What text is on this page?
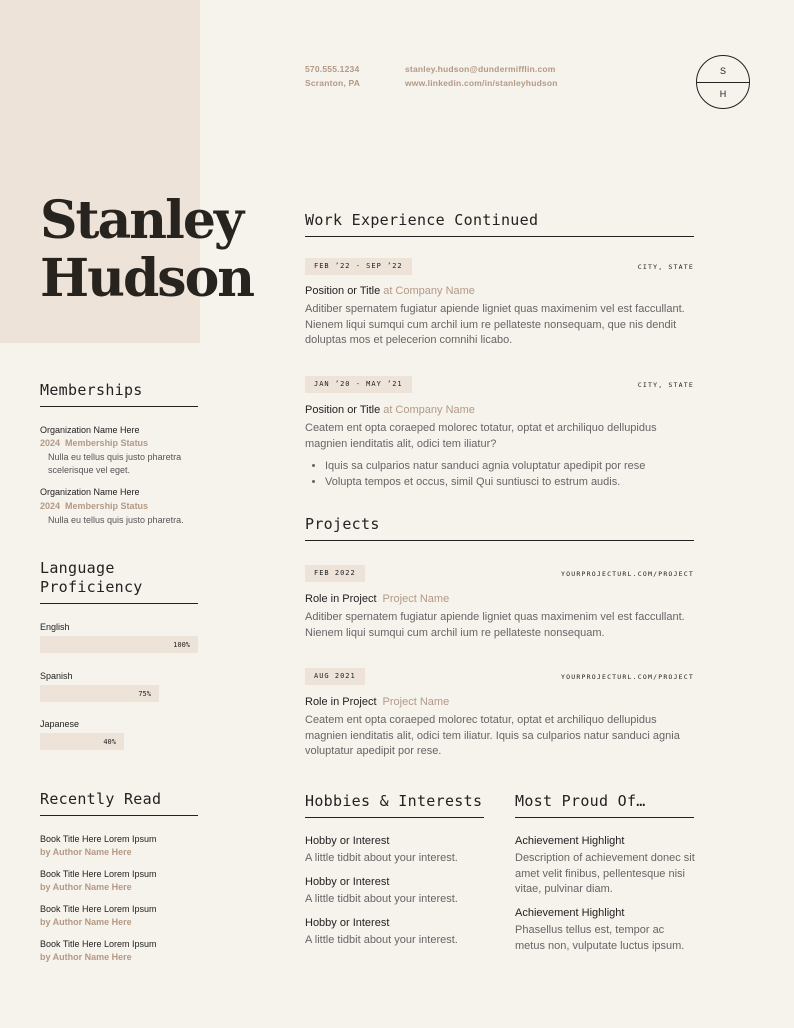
570.555.1234
Scranton, PA
stanley.hudson@dundermifflin.com
www.linkedin.com/in/stanleyhudson
S
H
Stanley
Hudson
Memberships
Organization Name Here
2024 Membership Status
Nulla eu tellus quis justo pharetra scelerisque vel eget.
Organization Name Here
2024 Membership Status
Nulla eu tellus quis justo pharetra.
Language
Proficiency
English
100%
Spanish
75%
Japanese
40%
Recently Read
Book Title Here Lorem Ipsum
by Author Name Here
Book Title Here Lorem Ipsum
by Author Name Here
Book Title Here Lorem Ipsum
by Author Name Here
Book Title Here Lorem Ipsum
by Author Name Here
Work Experience Continued
FEB ’22 - SEP ’22	CITY, STATE
Position or Title at Company Name
Aditiber spernatem fugiatur apiende ligniet quas maximenim vel est faccullant. Nienem liqui sumqui cum archil ium re pellateste nonsequam, que nis dendit doluptas mos et pelecerion comnihi licabo.
JAN ’20 - MAY ’21	CITY, STATE
Position or Title at Company Name
Ceatem ent opta coraeped molorec totatur, optat et archiliquo dellupidus magnien ienditatis alit, odici tem iliatur?
• Iquis sa culparios natur sanduci agnia voluptatur apedipit por rese
• Volupta tempos et occus, simil Qui suntiusci to estrum audis.
Projects
FEB 2022	YOURPROJECTURL.COM/PROJECT
Role in Project Project Name
Aditiber spernatem fugiatur apiende ligniet quas maximenim vel est faccullant. Nienem liqui sumqui cum archil ium re pellateste nonsequam.
AUG 2021	YOURPROJECTURL.COM/PROJECT
Role in Project Project Name
Ceatem ent opta coraeped molorec totatur, optat et archiliquo dellupidus magnien ienditatis alit, odici tem iliatur. Iquis sa culparios natur sanduci agnia voluptatur apedipit por rese.
Hobbies & Interests
Hobby or Interest
A little tidbit about your interest.
Hobby or Interest
A little tidbit about your interest.
Hobby or Interest
A little tidbit about your interest.
Most Proud Of…
Achievement Highlight
Description of achievement donec sit amet velit finibus, pellentesque nisi vitae, pulvinar diam.
Achievement Highlight
Phasellus tellus est, tempor ac metus non, vulputate luctus ipsum.
